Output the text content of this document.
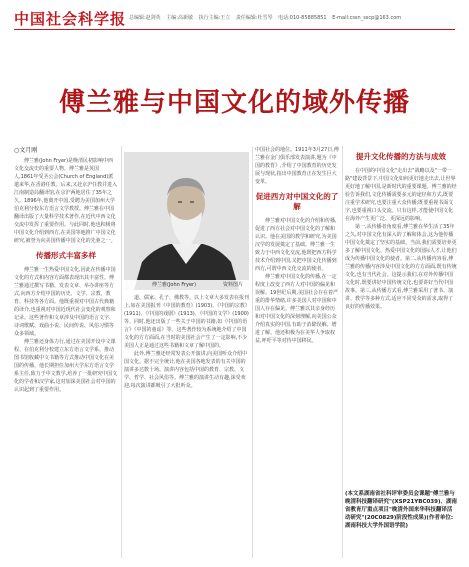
中国社会科学报 总编辑:赵剑英 主编:高新敏 执行主编:王立 责任编辑:杜雪琴 电话:010-85885851 E-mail:cssn_sscp@163.com
傅兰雅与中国文化的域外传播
○文月刚

傅兰雅(John Fryer)是晚清民初影响中西文化交流史的重要人物。傅兰雅是英国人,1861年受圣公会(Church of England)派遣来华,在香港任教。后来,又赴京沪任教并进入江南制造局翻译馆,在京沪两地居住了35年之久。1896年,他离开中国,受聘为美国加州大学伯克利分校东方语言文学教授。傅兰雅在中国翻译出版了大量科学技术著作,在近代中西文化交流中发挥了重要作用。与此同时,他也积极将中国文化介绍到西方,在美国等地推广中国文化研究,被誉为向美国传播中国文化的先驱之一。

传播形式丰富多样

傅兰雅一生热爱中国文化,因此在传播中国文化的方式和内容方面都表现出其丰富性。傅兰雅通过撰写书籍、发表文章、举办讲座等方式,向西方介绍中国的历史、文学、宗教、教育、科技等各方面。他既重视对中国古代典籍的译介,也重视对中国近现代社会变化的观察和记录。这些著作和文章涉及中国的语言文字、诗词歌赋、戏曲小说、民间传说、风俗习惯等众多领域。

傅兰雅还身体力行,通过在美国开设中文课程、在伯克利分校建立东方语言文学系、推动图书馆收藏中文书籍等方式推动中国文化在美国的传播。他长期担任加州大学东方语言文学系主任,致力于中文教学,培养了一批研究中国文化的学者和汉学家,这对加深美国社会对中国的认识起到了重要作用。

傅兰雅(John Fryer)	资料图片

道、儒家、孔子、佛教等。以上文章大多发表在报刊上,如在美国报刊《中国的教育》(1903)、《中国的宗教》(1911)、《中国的戏剧》(1913)、《中国的文学》(1900)等。同时,他还出版了一些关于中国的书籍,如《中国的语言》《中国的童谣》等。这些著作较为系统地介绍了中国文化的方方面面,在当时的美国社会产生了一定影响,不少美国人正是通过这些书籍和文章了解中国的。

此外,傅兰雅还经常发表公开演讲,向美国听众介绍中国文化。据不完全统计,他在美国各地发表的有关中国的演讲多达数十场。演讲内容包括中国的教育、宗教、文学、哲学、社会风俗等。傅兰雅的演讲生动有趣,深受欢迎,每次演讲都吸引了大批听众。

中国社会的地位。1911年3月27日,傅兰雅在金门俱乐部发表演讲,题为《中国的教育》,介绍了中国教育的历史发展与现状,指出中国教育正在发生巨大变革。

促进西方对中国文化的了解

傅兰雅对中国文化的介绍和传播,促进了西方社会对中国文化的了解和认识。他在美国的教学和研究,为美国汉学的发展奠定了基础。傅兰雅一生致力于中西文化交流,他既把西方科学技术介绍到中国,又把中国文化传播到西方,可谓中西文化交流的使者。

傅兰雅对中国文化的传播,在一定程度上改变了西方人对中国的偏见和误解。19世纪后期,美国社会存在着严重的排华情绪,许多美国人对中国和中国人存在偏见。傅兰雅以其亲身经历和对中国文化的深刻理解,向美国公众介绍真实的中国,有助于消除误解、增进了解。他还积极为在美华人争取权益,呼吁平等对待中国移民。

提升文化传播的方法与成效

在中国的中国文化"走出去"战略以及"一带一路"建设背景下,中国文化如何更好地走出去,让世界更好地了解中国,是新时代的重要课题。傅兰雅的经验告诉我们,文化传播需要多元的途径和方式,既要注重学术研究,也要注重大众传播;既要重视书面文字,也要重视口头交流。只有这样,才能使中国文化在海外产生更广泛、更深远的影响。

第一,从传播者角度看,傅兰雅在华生活了35年之久,对中国文化有深入的了解和体会,这为他传播中国文化奠定了坚实的基础。当前,我们需要培养更多了解中国文化、热爱中国文化的国际人才,让他们成为传播中国文化的使者。第二,从传播内容看,傅兰雅的传播内容涉及中国文化的方方面面,既有传统文化,也有当代社会。这提示我们,在对外传播中国文化时,既要讲好中国传统文化,也要讲好当代中国故事。第三,从传播方式看,傅兰雅采用了著书、演讲、教学等多种方式,适应不同受众的需求,取得了良好的传播效果。

(本文系湖南省社科评审委员会课题"傅兰雅与晚清科技翻译研究"(XSP21YBC039)、湖南省教育厅重点项目"晚清外国来华科技翻译活动研究"(20C0829)阶段性成果)(作者单位:湖南科技大学外国语学院)
